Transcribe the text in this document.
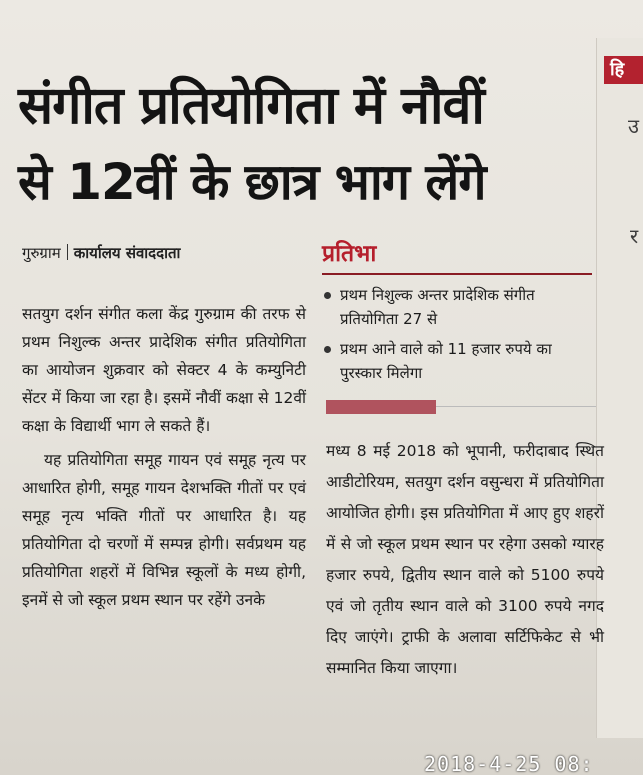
हि
उ
र
संगीत प्रतियोगिता में नौवीं
से 12वीं के छात्र भाग लेंगे
गुरुग्राम कार्यालय संवाददाता

सतयुग दर्शन संगीत कला केंद्र गुरुग्राम की तरफ से प्रथम निशुल्क अन्तर प्रादेशिक संगीत प्रतियोगिता का आयोजन शुक्रवार को सेक्टर 4 के कम्युनिटी सेंटर में किया जा रहा है। इसमें नौवीं कक्षा से 12वीं कक्षा के विद्यार्थी भाग ले सकते हैं।

यह प्रतियोगिता समूह गायन एवं समूह नृत्य पर आधारित होगी, समूह गायन देशभक्ति गीतों पर एवं समूह नृत्य भक्ति गीतों पर आधारित है। यह प्रतियोगिता दो चरणों में सम्पन्न होगी। सर्वप्रथम यह प्रतियोगिता शहरों में विभिन्न स्कूलों के मध्य होगी, इनमें से जो स्कूल प्रथम स्थान पर रहेंगे उनके

प्रतिभा
प्रथम निशुल्क अन्तर प्रादेशिक संगीत प्रतियोगिता 27 से
प्रथम आने वाले को 11 हजार रुपये का पुरस्कार मिलेगा
मध्य 8 मई 2018 को भूपानी, फरीदाबाद स्थित आडीटोरियम, सतयुग दर्शन वसुन्धरा में प्रतियोगिता आयोजित होगी। इस प्रतियोगिता में आए हुए शहरों में से जो स्कूल प्रथम स्थान पर रहेगा उसको ग्यारह हजार रुपये, द्वितीय स्थान वाले को 5100 रुपये एवं जो तृतीय स्थान वाले को 3100 रुपये नगद दिए जाएंगे। ट्राफी के अलावा सर्टिफिकेट से भी सम्मानित किया जाएगा।
2018-4-25 08:
